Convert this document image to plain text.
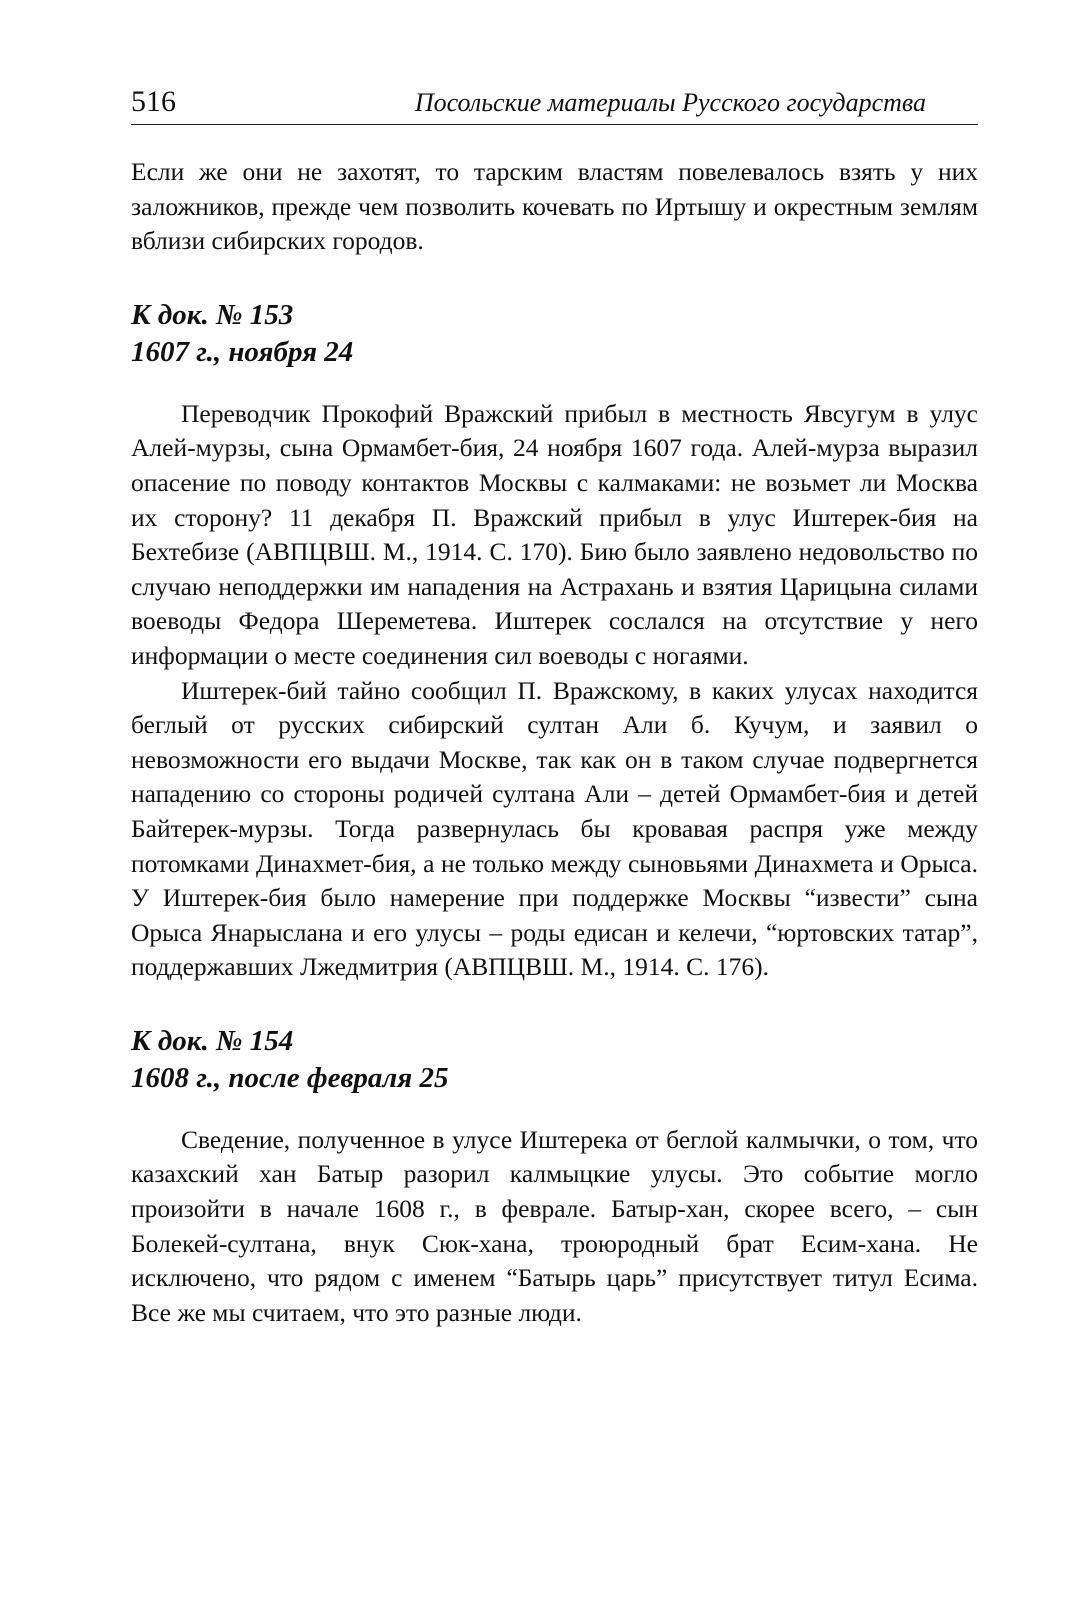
516	Посольские материалы Русского государства

Если же они не захотят, то тарским властям повелевалось взять у них заложников, прежде чем позволить кочевать по Иртышу и окрестным землям вблизи сибирских городов.

К док. № 153

1607 г., ноября 24

Переводчик Прокофий Вражский прибыл в местность Явсугум в улус Алей-мурзы, сына Ормамбет-бия, 24 ноября 1607 года. Алей-мурза выразил опасение по поводу контактов Москвы с калмаками: не возьмет ли Москва их сторону? 11 декабря П. Вражский прибыл в улус Иштерек-бия на Бехтебизе (АВПЦВШ. М., 1914. С. 170). Бию было заявлено недовольство по случаю неподдержки им нападения на Астрахань и взятия Царицына силами воеводы Федора Шереметева. Иштерек сослался на отсутствие у него информации о месте соединения сил воеводы с ногаями.

Иштерек-бий тайно сообщил П. Вражскому, в каких улусах находится беглый от русских сибирский султан Али б. Кучум, и заявил о невозможности его выдачи Москве, так как он в таком случае подвергнется нападению со стороны родичей султана Али – детей Ормамбет-бия и детей Байтерек-мурзы. Тогда развернулась бы кровавая распря уже между потомками Динахмет-бия, а не только между сыновьями Динахмета и Орыса. У Иштерек-бия было намерение при поддержке Москвы “извести” сына Орыса Янарыслана и его улусы – роды едисан и келечи, “юртовских татар”, поддержавших Лжедмитрия (АВПЦВШ. М., 1914. С. 176).

К док. № 154

1608 г., после февраля 25

Сведение, полученное в улусе Иштерека от беглой калмычки, о том, что казахский хан Батыр разорил калмыцкие улусы. Это событие могло произойти в начале 1608 г., в феврале. Батыр-хан, скорее всего, – сын Болекей-султана, внук Сюк-хана, троюродный брат Есим-хана. Не исключено, что рядом с именем “Батырь царь” присутствует титул Есима. Все же мы считаем, что это разные люди.
